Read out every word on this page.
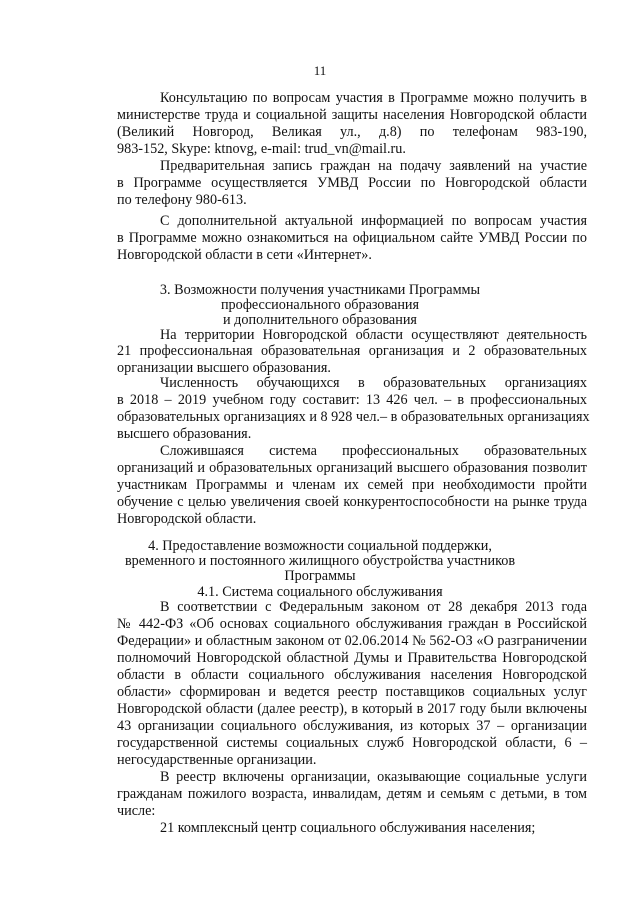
11
Консультацию по вопросам участия в Программе можно получить в
министерстве труда и социальной защиты населения Новгородской области
(Великий Новгород, Великая ул., д.8) по телефонам 983-190,
983-152, Skype: ktnovg, e-mail: trud_vn@mail.ru.
Предварительная запись граждан на подачу заявлений на участие
в Программе осуществляется УМВД России по Новгородской области
по телефону 980-613.
С дополнительной актуальной информацией по вопросам участия
в Программе можно ознакомиться на официальном сайте УМВД России по
Новгородской области в сети «Интернет».
3. Возможности получения участниками Программы
профессионального образования
и дополнительного образования
На территории Новгородской области осуществляют деятельность
21 профессиональная образовательная организация и 2 образовательных
организации высшего образования.
Численность обучающихся в образовательных организациях
в 2018 – 2019 учебном году составит: 13 426 чел. – в профессиональных
образовательных организациях и 8 928 чел.– в образовательных организациях
высшего образования.
Сложившаяся система профессиональных образовательных
организаций и образовательных организаций высшего образования позволит
участникам Программы и членам их семей при необходимости пройти
обучение с целью увеличения своей конкурентоспособности на рынке труда
Новгородской области.
4. Предоставление возможности социальной поддержки,
временного и постоянного жилищного обустройства участников
Программы
4.1. Система социального обслуживания
В соответствии с Федеральным законом от 28 декабря 2013 года
№ 442-ФЗ «Об основах социального обслуживания граждан в Российской
Федерации» и областным законом от 02.06.2014 № 562-ОЗ «О разграничении
полномочий Новгородской областной Думы и Правительства Новгородской
области в области социального обслуживания населения Новгородской
области» сформирован и ведется реестр поставщиков социальных услуг
Новгородской области (далее реестр), в который в 2017 году были включены
43 организации социального обслуживания, из которых 37 – организации
государственной системы социальных служб Новгородской области, 6 –
негосударственные организации.
В реестр включены организации, оказывающие социальные услуги
гражданам пожилого возраста, инвалидам, детям и семьям с детьми, в том
числе:
21 комплексный центр социального обслуживания населения;
